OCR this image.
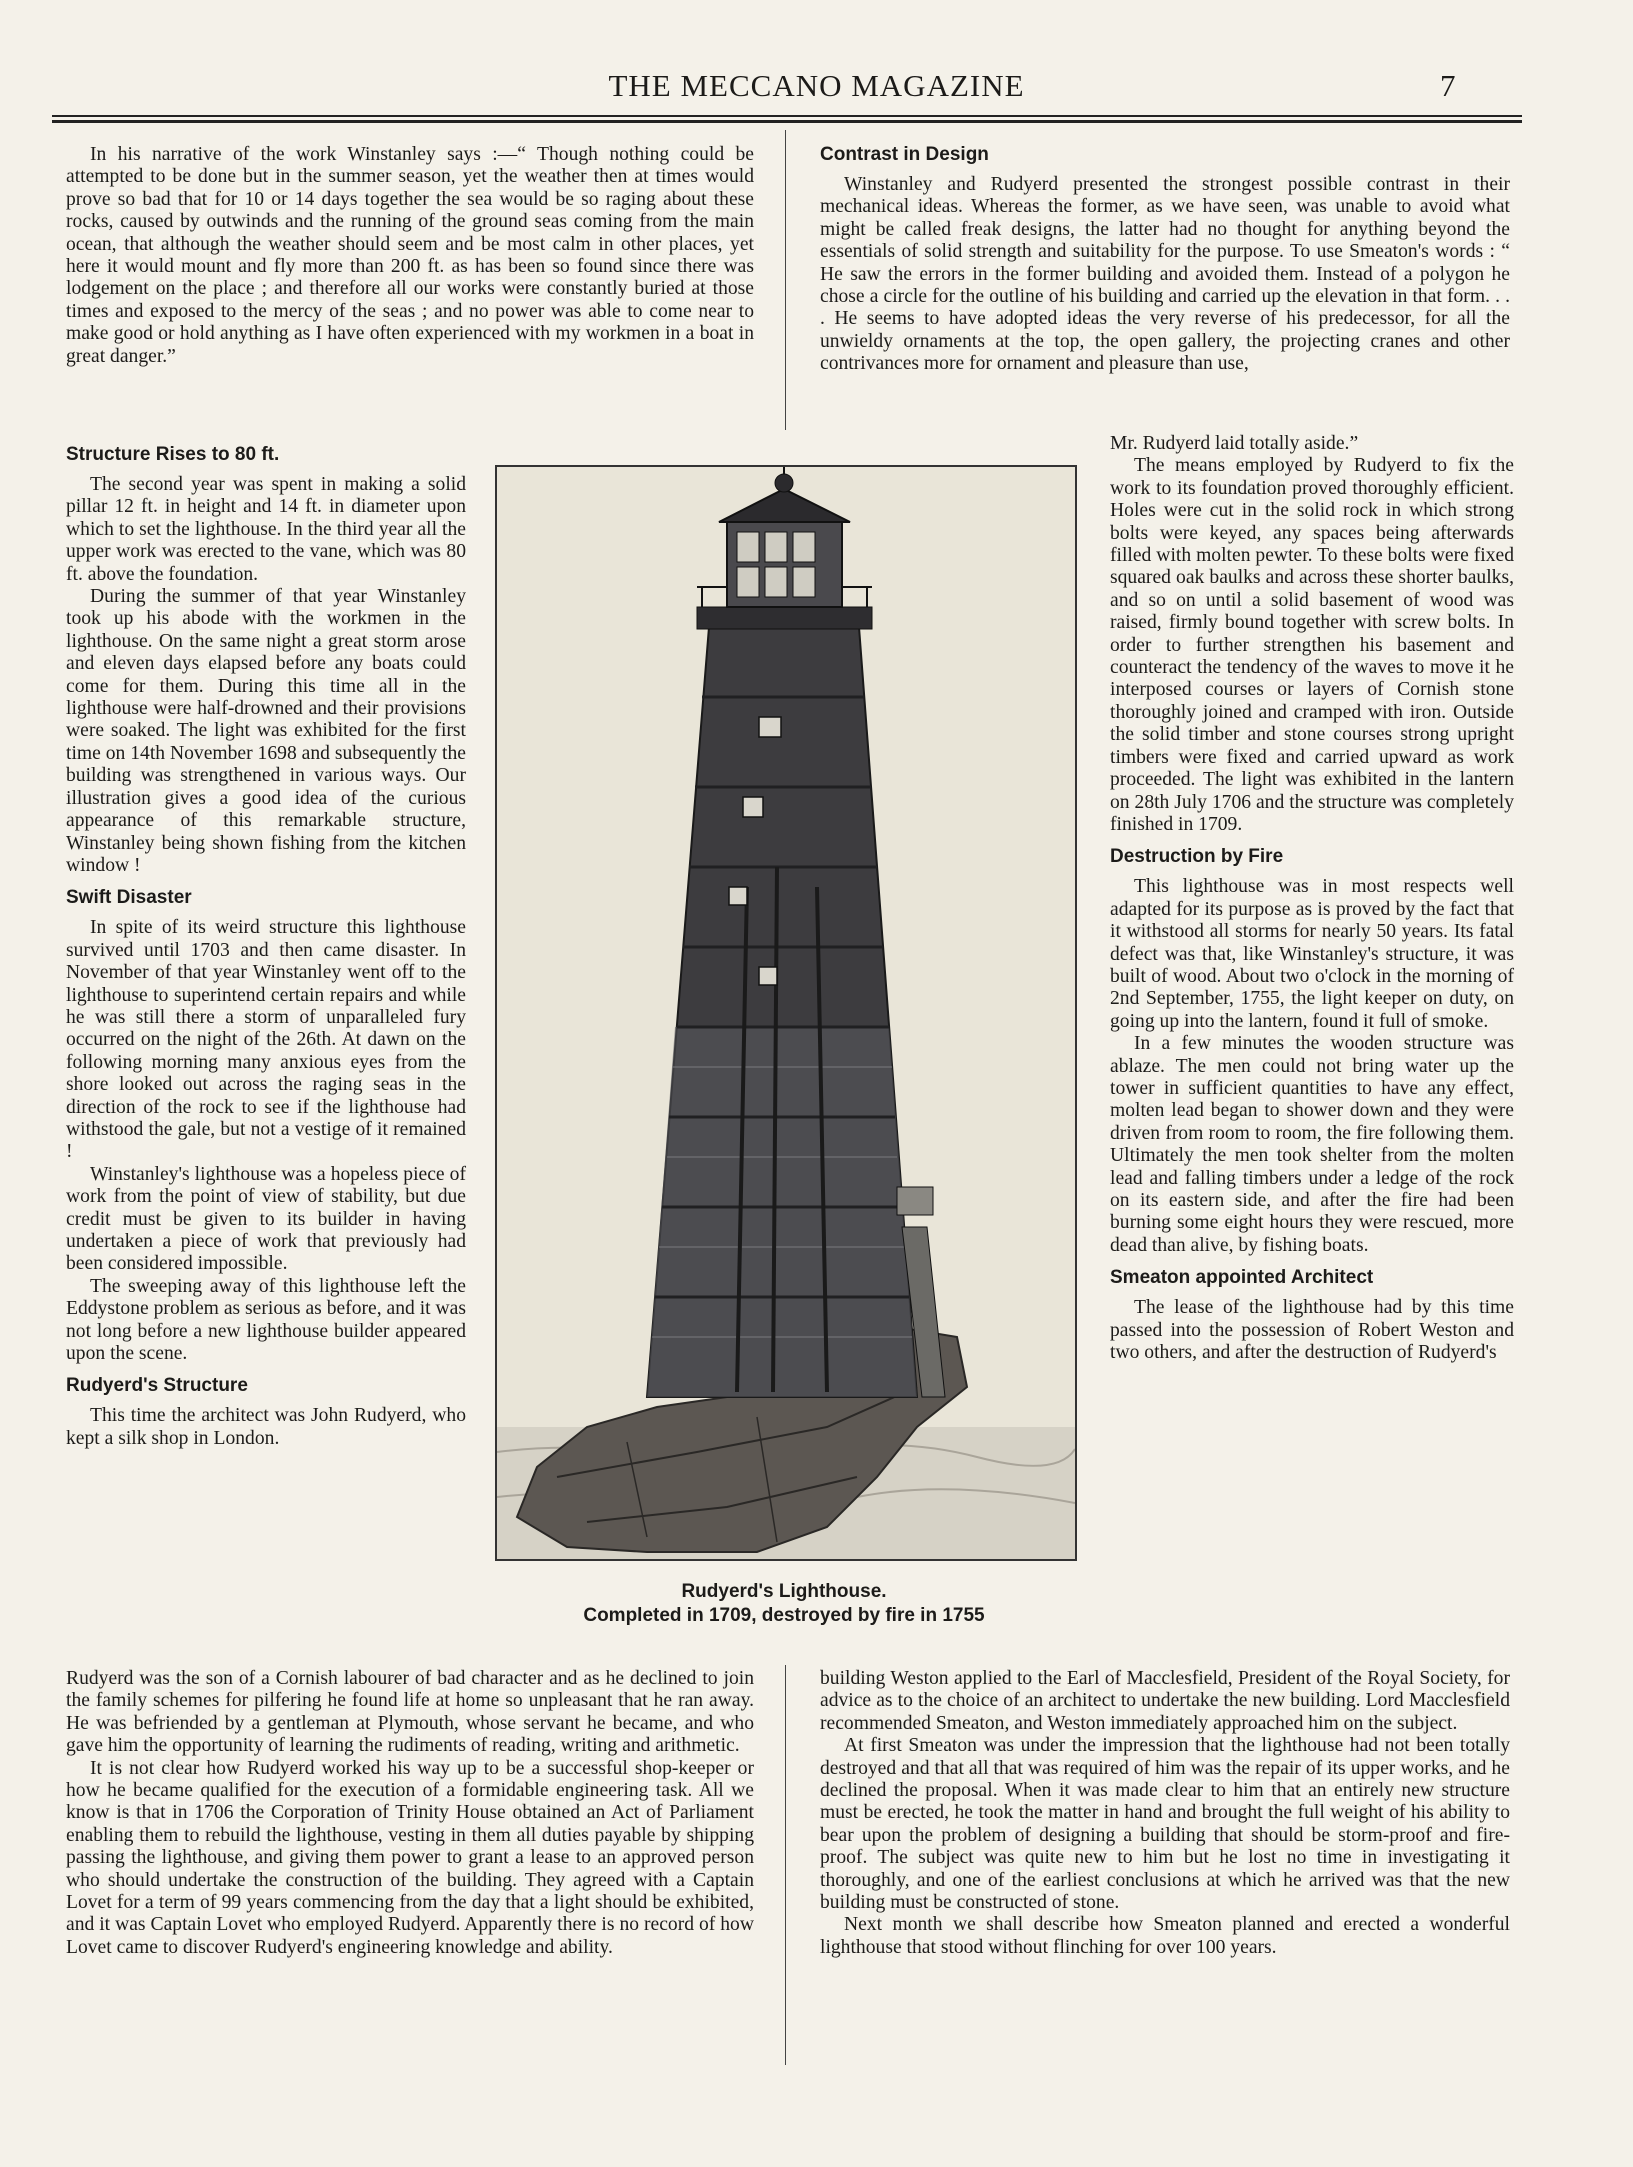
THE MECCANO MAGAZINE	7

In his narrative of the work Winstanley says :—“ Though nothing could be attempted to be done but in the summer season, yet the weather then at times would prove so bad that for 10 or 14 days together the sea would be so raging about these rocks, caused by outwinds and the running of the ground seas coming from the main ocean, that although the weather should seem and be most calm in other places, yet here it would mount and fly more than 200 ft. as has been so found since there was lodgement on the place ; and therefore all our works were constantly buried at those times and exposed to the mercy of the seas ; and no power was able to come near to make good or hold anything as I have often experienced with my workmen in a boat in great danger.”

Structure Rises to 80 ft.

The second year was spent in making a solid pillar 12 ft. in height and 14 ft. in diameter upon which to set the lighthouse. In the third year all the upper work was erected to the vane, which was 80 ft. above the foundation.

During the summer of that year Winstanley took up his abode with the workmen in the lighthouse. On the same night a great storm arose and eleven days elapsed before any boats could come for them. During this time all in the lighthouse were half-drowned and their provisions were soaked. The light was exhibited for the first time on 14th November 1698 and subsequently the building was strengthened in various ways. Our illustration gives a good idea of the curious appearance of this remarkable structure, Winstanley being shown fishing from the kitchen window !

Swift Disaster

In spite of its weird structure this lighthouse survived until 1703 and then came disaster. In November of that year Winstanley went off to the lighthouse to superintend certain repairs and while he was still there a storm of unparalleled fury occurred on the night of the 26th. At dawn on the following morning many anxious eyes from the shore looked out across the raging seas in the direction of the rock to see if the lighthouse had withstood the gale, but not a vestige of it remained !

Winstanley's lighthouse was a hopeless piece of work from the point of view of stability, but due credit must be given to its builder in having undertaken a piece of work that previously had been considered impossible.

The sweeping away of this lighthouse left the Eddystone problem as serious as before, and it was not long before a new lighthouse builder appeared upon the scene.

Rudyerd's Structure

This time the architect was John Rudyerd, who kept a silk shop in London.

Rudyerd was the son of a Cornish labourer of bad character and as he declined to join the family schemes for pilfering he found life at home so unpleasant that he ran away. He was befriended by a gentleman at Plymouth, whose servant he became, and who gave him the opportunity of learning the rudiments of reading, writing and arithmetic.

It is not clear how Rudyerd worked his way up to be a successful shop-keeper or how he became qualified for the execution of a formidable engineering task. All we know is that in 1706 the Corporation of Trinity House obtained an Act of Parliament enabling them to rebuild the lighthouse, vesting in them all duties payable by shipping passing the lighthouse, and giving them power to grant a lease to an approved person who should undertake the construction of the building. They agreed with a Captain Lovet for a term of 99 years commencing from the day that a light should be exhibited, and it was Captain Lovet who employed Rudyerd. Apparently there is no record of how Lovet came to discover Rudyerd's engineering knowledge and ability.

Contrast in Design

Winstanley and Rudyerd presented the strongest possible contrast in their mechanical ideas. Whereas the former, as we have seen, was unable to avoid what might be called freak designs, the latter had no thought for anything beyond the essentials of solid strength and suitability for the purpose. To use Smeaton's words : “ He saw the errors in the former building and avoided them. Instead of a polygon he chose a circle for the outline of his building and carried up the elevation in that form. . . . He seems to have adopted ideas the very reverse of his predecessor, for all the unwieldy ornaments at the top, the open gallery, the projecting cranes and other contrivances more for ornament and pleasure than use,

Mr. Rudyerd laid totally aside.”

The means employed by Rudyerd to fix the work to its foundation proved thoroughly efficient. Holes were cut in the solid rock in which strong bolts were keyed, any spaces being afterwards filled with molten pewter. To these bolts were fixed squared oak baulks and across these shorter baulks, and so on until a solid basement of wood was raised, firmly bound together with screw bolts. In order to further strengthen his basement and counteract the tendency of the waves to move it he interposed courses or layers of Cornish stone thoroughly joined and cramped with iron. Outside the solid timber and stone courses strong upright timbers were fixed and carried upward as work proceeded. The light was exhibited in the lantern on 28th July 1706 and the structure was completely finished in 1709.

Destruction by Fire

This lighthouse was in most respects well adapted for its purpose as is proved by the fact that it withstood all storms for nearly 50 years. Its fatal defect was that, like Winstanley's structure, it was built of wood. About two o'clock in the morning of 2nd September, 1755, the light keeper on duty, on going up into the lantern, found it full of smoke.

In a few minutes the wooden structure was ablaze. The men could not bring water up the tower in sufficient quantities to have any effect, molten lead began to shower down and they were driven from room to room, the fire following them. Ultimately the men took shelter from the molten lead and falling timbers under a ledge of the rock on its eastern side, and after the fire had been burning some eight hours they were rescued, more dead than alive, by fishing boats.

Smeaton appointed Architect

The lease of the lighthouse had by this time passed into the possession of Robert Weston and two others, and after the destruction of Rudyerd's

building Weston applied to the Earl of Macclesfield, President of the Royal Society, for advice as to the choice of an architect to undertake the new building. Lord Macclesfield recommended Smeaton, and Weston immediately approached him on the subject.

At first Smeaton was under the impression that the lighthouse had not been totally destroyed and that all that was required of him was the repair of its upper works, and he declined the proposal. When it was made clear to him that an entirely new structure must be erected, he took the matter in hand and brought the full weight of his ability to bear upon the problem of designing a building that should be storm-proof and fire-proof. The subject was quite new to him but he lost no time in investigating it thoroughly, and one of the earliest conclusions at which he arrived was that the new building must be constructed of stone.

Next month we shall describe how Smeaton planned and erected a wonderful lighthouse that stood without flinching for over 100 years.

Rudyerd's Lighthouse.
Completed in 1709, destroyed by fire in 1755
